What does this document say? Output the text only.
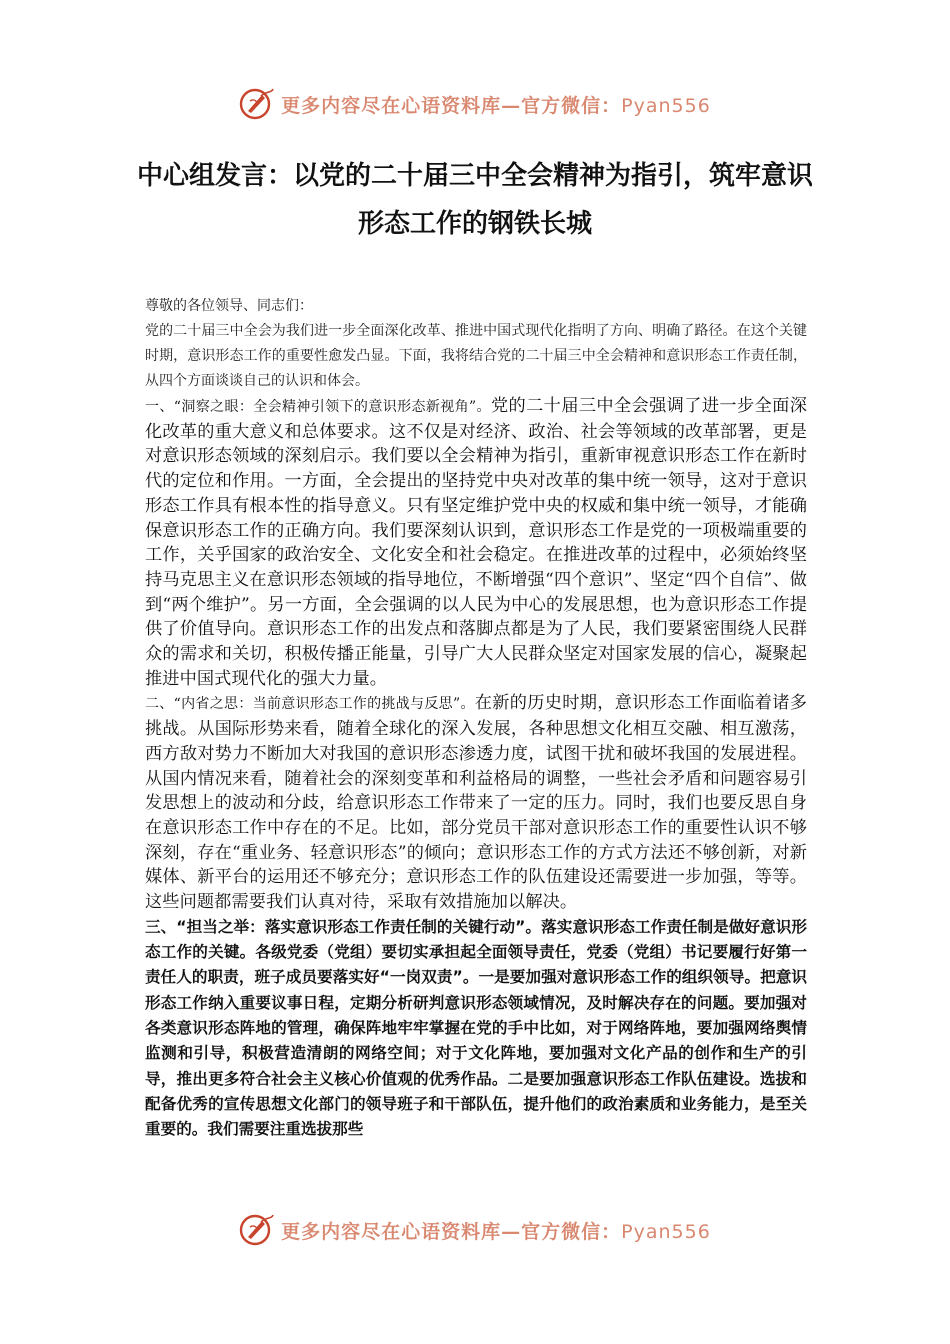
更多内容尽在心语资料库—官方微信：Pyan556
中心组发言：以党的二十届三中全会精神为指引，筑牢意识形态工作的钢铁长城

尊敬的各位领导、同志们：

党的二十届三中全会为我们进一步全面深化改革、推进中国式现代化指明了方向、明确了路径。在这个关键时期，意识形态工作的重要性愈发凸显。下面，我将结合党的二十届三中全会精神和意识形态工作责任制，从四个方面谈谈自己的认识和体会。

一、“洞察之眼：全会精神引领下的意识形态新视角”。党的二十届三中全会强调了进一步全面深化改革的重大意义和总体要求。这不仅是对经济、政治、社会等领域的改革部署，更是对意识形态领域的深刻启示。我们要以全会精神为指引，重新审视意识形态工作在新时代的定位和作用。一方面，全会提出的坚持党中央对改革的集中统一领导，这对于意识形态工作具有根本性的指导意义。只有坚定维护党中央的权威和集中统一领导，才能确保意识形态工作的正确方向。我们要深刻认识到，意识形态工作是党的一项极端重要的工作，关乎国家的政治安全、文化安全和社会稳定。在推进改革的过程中，必须始终坚持马克思主义在意识形态领域的指导地位，不断增强“四个意识”、坚定“四个自信”、做到“两个维护”。另一方面，全会强调的以人民为中心的发展思想，也为意识形态工作提供了价值导向。意识形态工作的出发点和落脚点都是为了人民，我们要紧密围绕人民群众的需求和关切，积极传播正能量，引导广大人民群众坚定对国家发展的信心，凝聚起推进中国式现代化的强大力量。

二、“内省之思：当前意识形态工作的挑战与反思”。在新的历史时期，意识形态工作面临着诸多挑战。从国际形势来看，随着全球化的深入发展，各种思想文化相互交融、相互激荡，西方敌对势力不断加大对我国的意识形态渗透力度，试图干扰和破坏我国的发展进程。从国内情况来看，随着社会的深刻变革和利益格局的调整，一些社会矛盾和问题容易引发思想上的波动和分歧，给意识形态工作带来了一定的压力。同时，我们也要反思自身在意识形态工作中存在的不足。比如，部分党员干部对意识形态工作的重要性认识不够深刻，存在“重业务、轻意识形态”的倾向；意识形态工作的方式方法还不够创新，对新媒体、新平台的运用还不够充分；意识形态工作的队伍建设还需要进一步加强，等等。这些问题都需要我们认真对待，采取有效措施加以解决。

三、“担当之举：落实意识形态工作责任制的关键行动”。落实意识形态工作责任制是做好意识形态工作的关键。各级党委（党组）要切实承担起全面领导责任，党委（党组）书记要履行好第一责任人的职责，班子成员要落实好“一岗双责”。一是要加强对意识形态工作的组织领导。把意识形态工作纳入重要议事日程，定期分析研判意识形态领域情况，及时解决存在的问题。要加强对各类意识形态阵地的管理，确保阵地牢牢掌握在党的手中比如，对于网络阵地，要加强网络舆情监测和引导，积极营造清朗的网络空间；对于文化阵地，要加强对文化产品的创作和生产的引导，推出更多符合社会主义核心价值观的优秀作品。二是要加强意识形态工作队伍建设。选拔和配备优秀的宣传思想文化部门的领导班子和干部队伍，提升他们的政治素质和业务能力，是至关重要的。我们需要注重选拔那些

更多内容尽在心语资料库—官方微信：Pyan556
